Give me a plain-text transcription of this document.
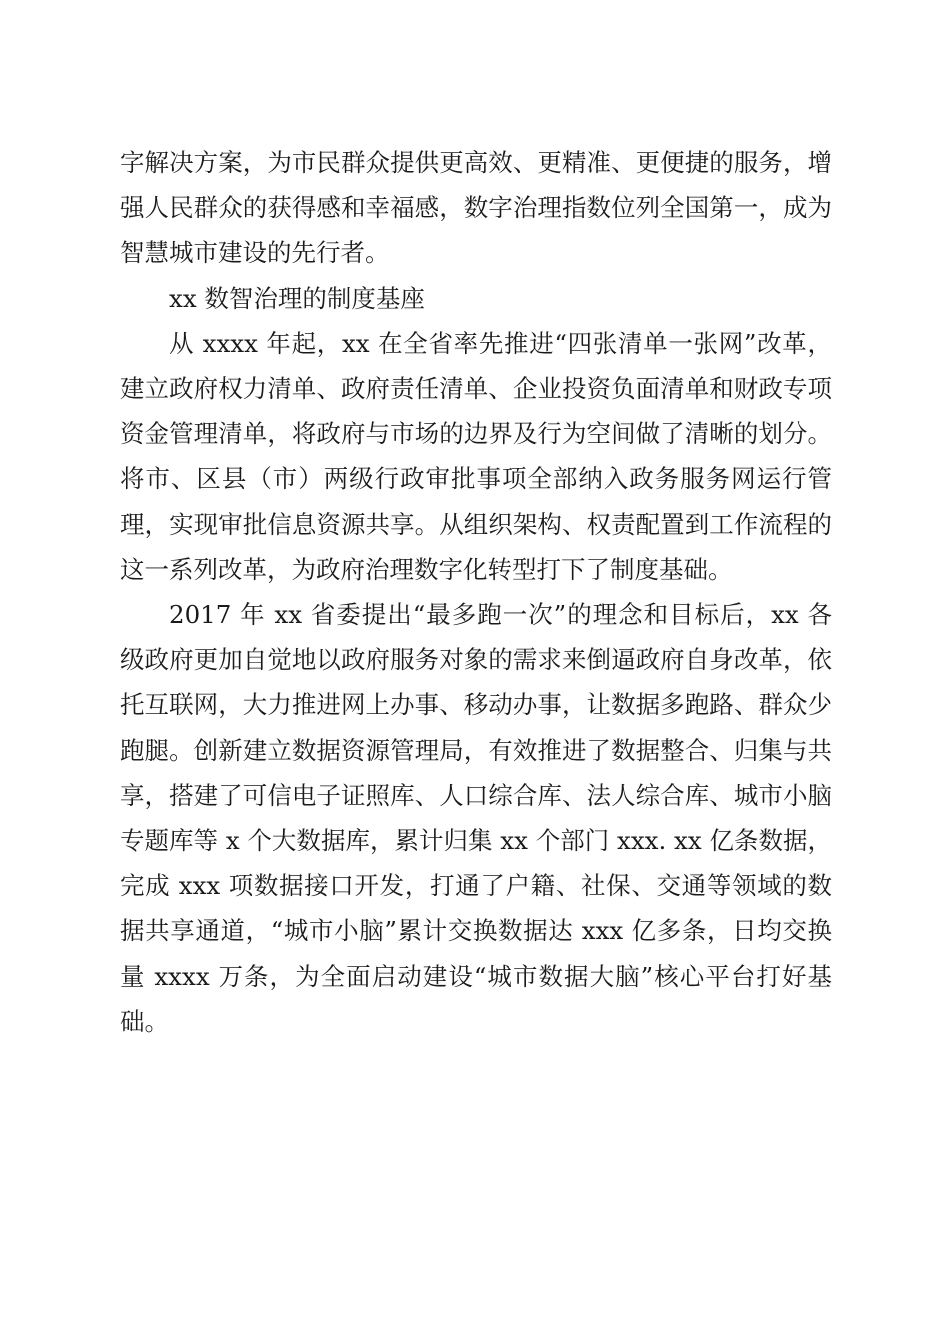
字解决方案，为市民群众提供更高效、更精准、更便捷的服务，增强人民群众的获得感和幸福感，数字治理指数位列全国第一，成为智慧城市建设的先行者。

xx 数智治理的制度基座

从 xxxx 年起，xx 在全省率先推进“四张清单一张网”改革，建立政府权力清单、政府责任清单、企业投资负面清单和财政专项资金管理清单，将政府与市场的边界及行为空间做了清晰的划分。将市、区县（市）两级行政审批事项全部纳入政务服务网运行管理，实现审批信息资源共享。从组织架构、权责配置到工作流程的这一系列改革，为政府治理数字化转型打下了制度基础。

2017 年 xx 省委提出“最多跑一次”的理念和目标后，xx 各级政府更加自觉地以政府服务对象的需求来倒逼政府自身改革，依托互联网，大力推进网上办事、移动办事，让数据多跑路、群众少跑腿。创新建立数据资源管理局，有效推进了数据整合、归集与共享，搭建了可信电子证照库、人口综合库、法人综合库、城市小脑专题库等 x 个大数据库，累计归集 xx 个部门 xxx. xx 亿条数据，完成 xxx 项数据接口开发，打通了户籍、社保、交通等领域的数据共享通道，“城市小脑”累计交换数据达 xxx 亿多条，日均交换量 xxxx 万条，为全面启动建设“城市数据大脑”核心平台打好基础。
